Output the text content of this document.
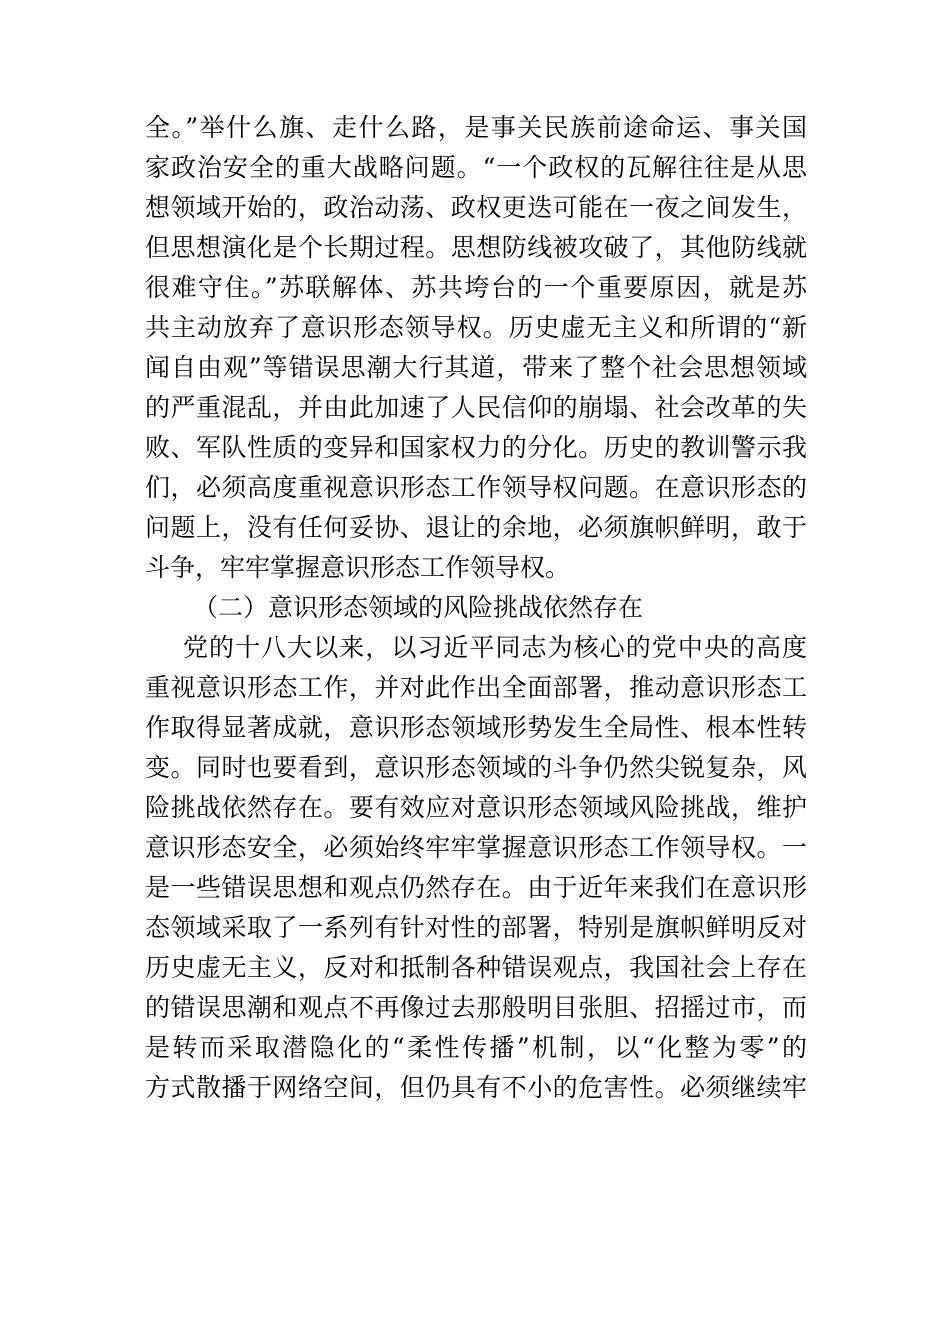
全。”举什么旗、走什么路，是事关民族前途命运、事关国
家政治安全的重大战略问题。“一个政权的瓦解往往是从思
想领域开始的，政治动荡、政权更迭可能在一夜之间发生，
但思想演化是个长期过程。思想防线被攻破了，其他防线就
很难守住。”苏联解体、苏共垮台的一个重要原因，就是苏
共主动放弃了意识形态领导权。历史虚无主义和所谓的“新
闻自由观”等错误思潮大行其道，带来了整个社会思想领域
的严重混乱，并由此加速了人民信仰的崩塌、社会改革的失
败、军队性质的变异和国家权力的分化。历史的教训警示我
们，必须高度重视意识形态工作领导权问题。在意识形态的
问题上，没有任何妥协、退让的余地，必须旗帜鲜明，敢于
斗争，牢牢掌握意识形态工作领导权。
（二）意识形态领域的风险挑战依然存在
党的十八大以来，以习近平同志为核心的党中央的高度
重视意识形态工作，并对此作出全面部署，推动意识形态工
作取得显著成就，意识形态领域形势发生全局性、根本性转
变。同时也要看到，意识形态领域的斗争仍然尖锐复杂，风
险挑战依然存在。要有效应对意识形态领域风险挑战，维护
意识形态安全，必须始终牢牢掌握意识形态工作领导权。一
是一些错误思想和观点仍然存在。由于近年来我们在意识形
态领域采取了一系列有针对性的部署，特别是旗帜鲜明反对
历史虚无主义，反对和抵制各种错误观点，我国社会上存在
的错误思潮和观点不再像过去那般明目张胆、招摇过市，而
是转而采取潜隐化的“柔性传播”机制，以“化整为零”的
方式散播于网络空间，但仍具有不小的危害性。必须继续牢
